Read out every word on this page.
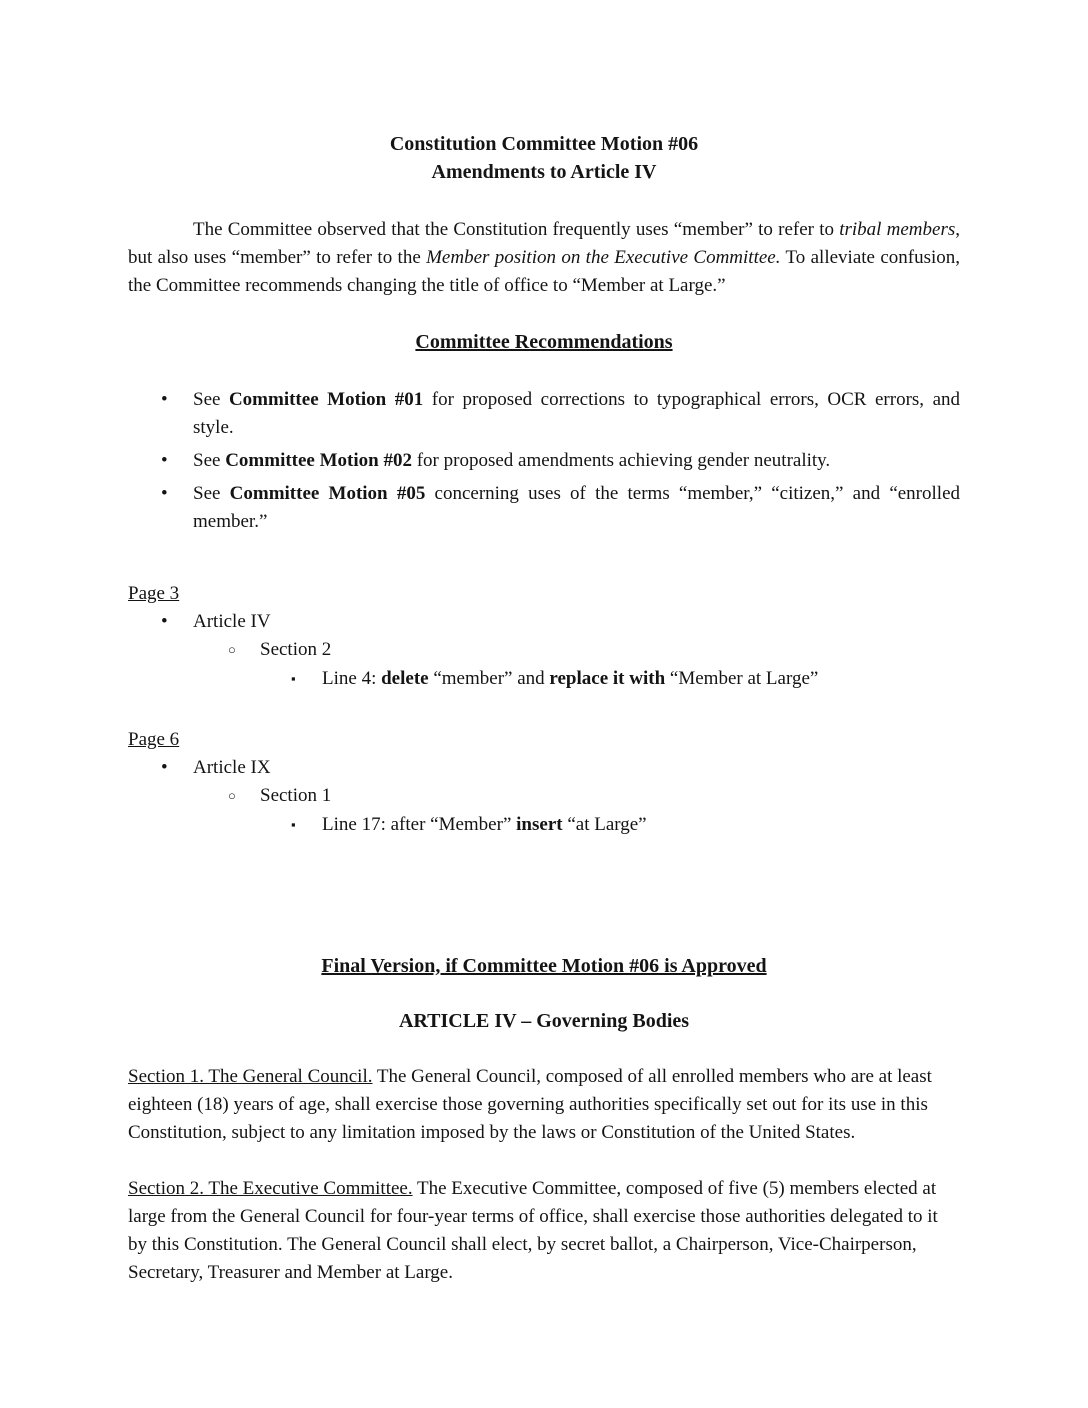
Constitution Committee Motion #06
Amendments to Article IV

The Committee observed that the Constitution frequently uses “member” to refer to tribal members, but also uses “member” to refer to the Member position on the Executive Committee. To alleviate confusion, the Committee recommends changing the title of office to “Member at Large.”

Committee Recommendations
•
See Committee Motion #01 for proposed corrections to typographical errors, OCR errors, and style.
•
See Committee Motion #02 for proposed amendments achieving gender neutrality.
•
See Committee Motion #05 concerning uses of the terms “member,” “citizen,” and “enrolled member.”
Page 3
•
Article IV
○
Section 2
▪
Line 4: delete “member” and replace it with “Member at Large”
Page 6
•
Article IX
○
Section 1
▪
Line 17: after “Member” insert “at Large”
Final Version, if Committee Motion #06 is Approved
ARTICLE IV – Governing Bodies

Section 1. The General Council. The General Council, composed of all enrolled members who are at least eighteen (18) years of age, shall exercise those governing authorities specifically set out for its use in this Constitution, subject to any limitation imposed by the laws or Constitution of the United States.

Section 2. The Executive Committee. The Executive Committee, composed of five (5) members elected at large from the General Council for four-year terms of office, shall exercise those authorities delegated to it by this Constitution. The General Council shall elect, by secret ballot, a Chairperson, Vice-Chairperson, Secretary, Treasurer and Member at Large.
